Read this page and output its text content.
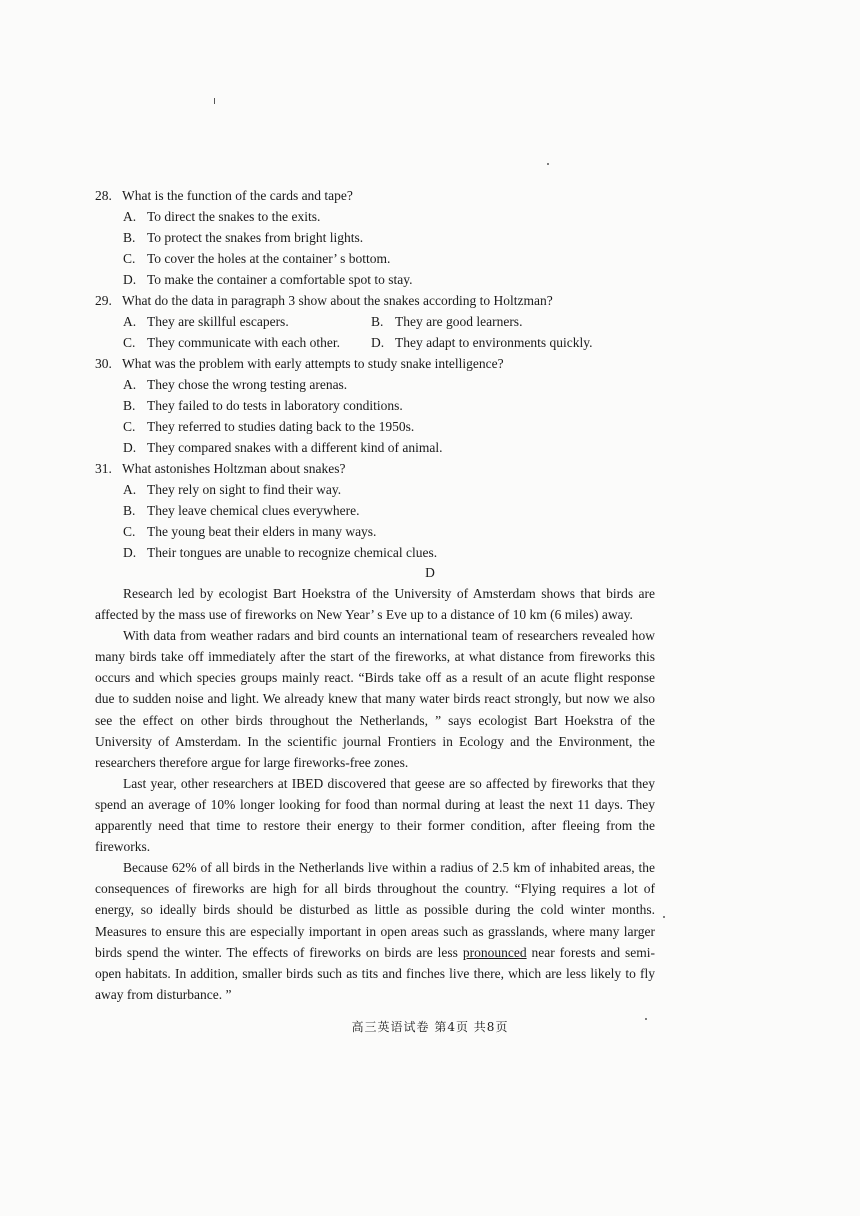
28. What is the function of the cards and tape?
A. To direct the snakes to the exits.
B. To protect the snakes from bright lights.
C. To cover the holes at the container’ s bottom.
D. To make the container a comfortable spot to stay.
29. What do the data in paragraph 3 show about the snakes according to Holtzman?
A. They are skillful escapers.	B. They are good learners.
C. They communicate with each other. D. They adapt to environments quickly.
30. What was the problem with early attempts to study snake intelligence?
A. They chose the wrong testing arenas.
B. They failed to do tests in laboratory conditions.
C. They referred to studies dating back to the 1950s.
D. They compared snakes with a different kind of animal.
31. What astonishes Holtzman about snakes?
A. They rely on sight to find their way.
B. They leave chemical clues everywhere.
C. The young beat their elders in many ways.
D. Their tongues are unable to recognize chemical clues.
D

Research led by ecologist Bart Hoekstra of the University of Amsterdam shows that birds are affected by the mass use of fireworks on New Year’ s Eve up to a distance of 10 km (6 miles) away.

With data from weather radars and bird counts an international team of researchers revealed how many birds take off immediately after the start of the fireworks, at what distance from fireworks this occurs and which species groups mainly react. “Birds take off as a result of an acute flight response due to sudden noise and light. We already knew that many water birds react strongly, but now we also see the effect on other birds throughout the Netherlands, ” says ecologist Bart Hoekstra of the University of Amsterdam. In the scientific journal Frontiers in Ecology and the Environment, the researchers therefore argue for large fireworks-free zones.

Last year, other researchers at IBED discovered that geese are so affected by fireworks that they spend an average of 10% longer looking for food than normal during at least the next 11 days. They apparently need that time to restore their energy to their former condition, after fleeing from the fireworks.

Because 62% of all birds in the Netherlands live within a radius of 2.5 km of inhabited areas, the consequences of fireworks are high for all birds throughout the country. “Flying requires a lot of energy, so ideally birds should be disturbed as little as possible during the cold winter months. Measures to ensure this are especially important in open areas such as grasslands, where many larger birds spend the winter. The effects of fireworks on birds are less pronounced near forests and semi-open habitats. In addition, smaller birds such as tits and finches live there, which are less likely to fly away from disturbance. ”

高三英语试卷 第4页 共8页
